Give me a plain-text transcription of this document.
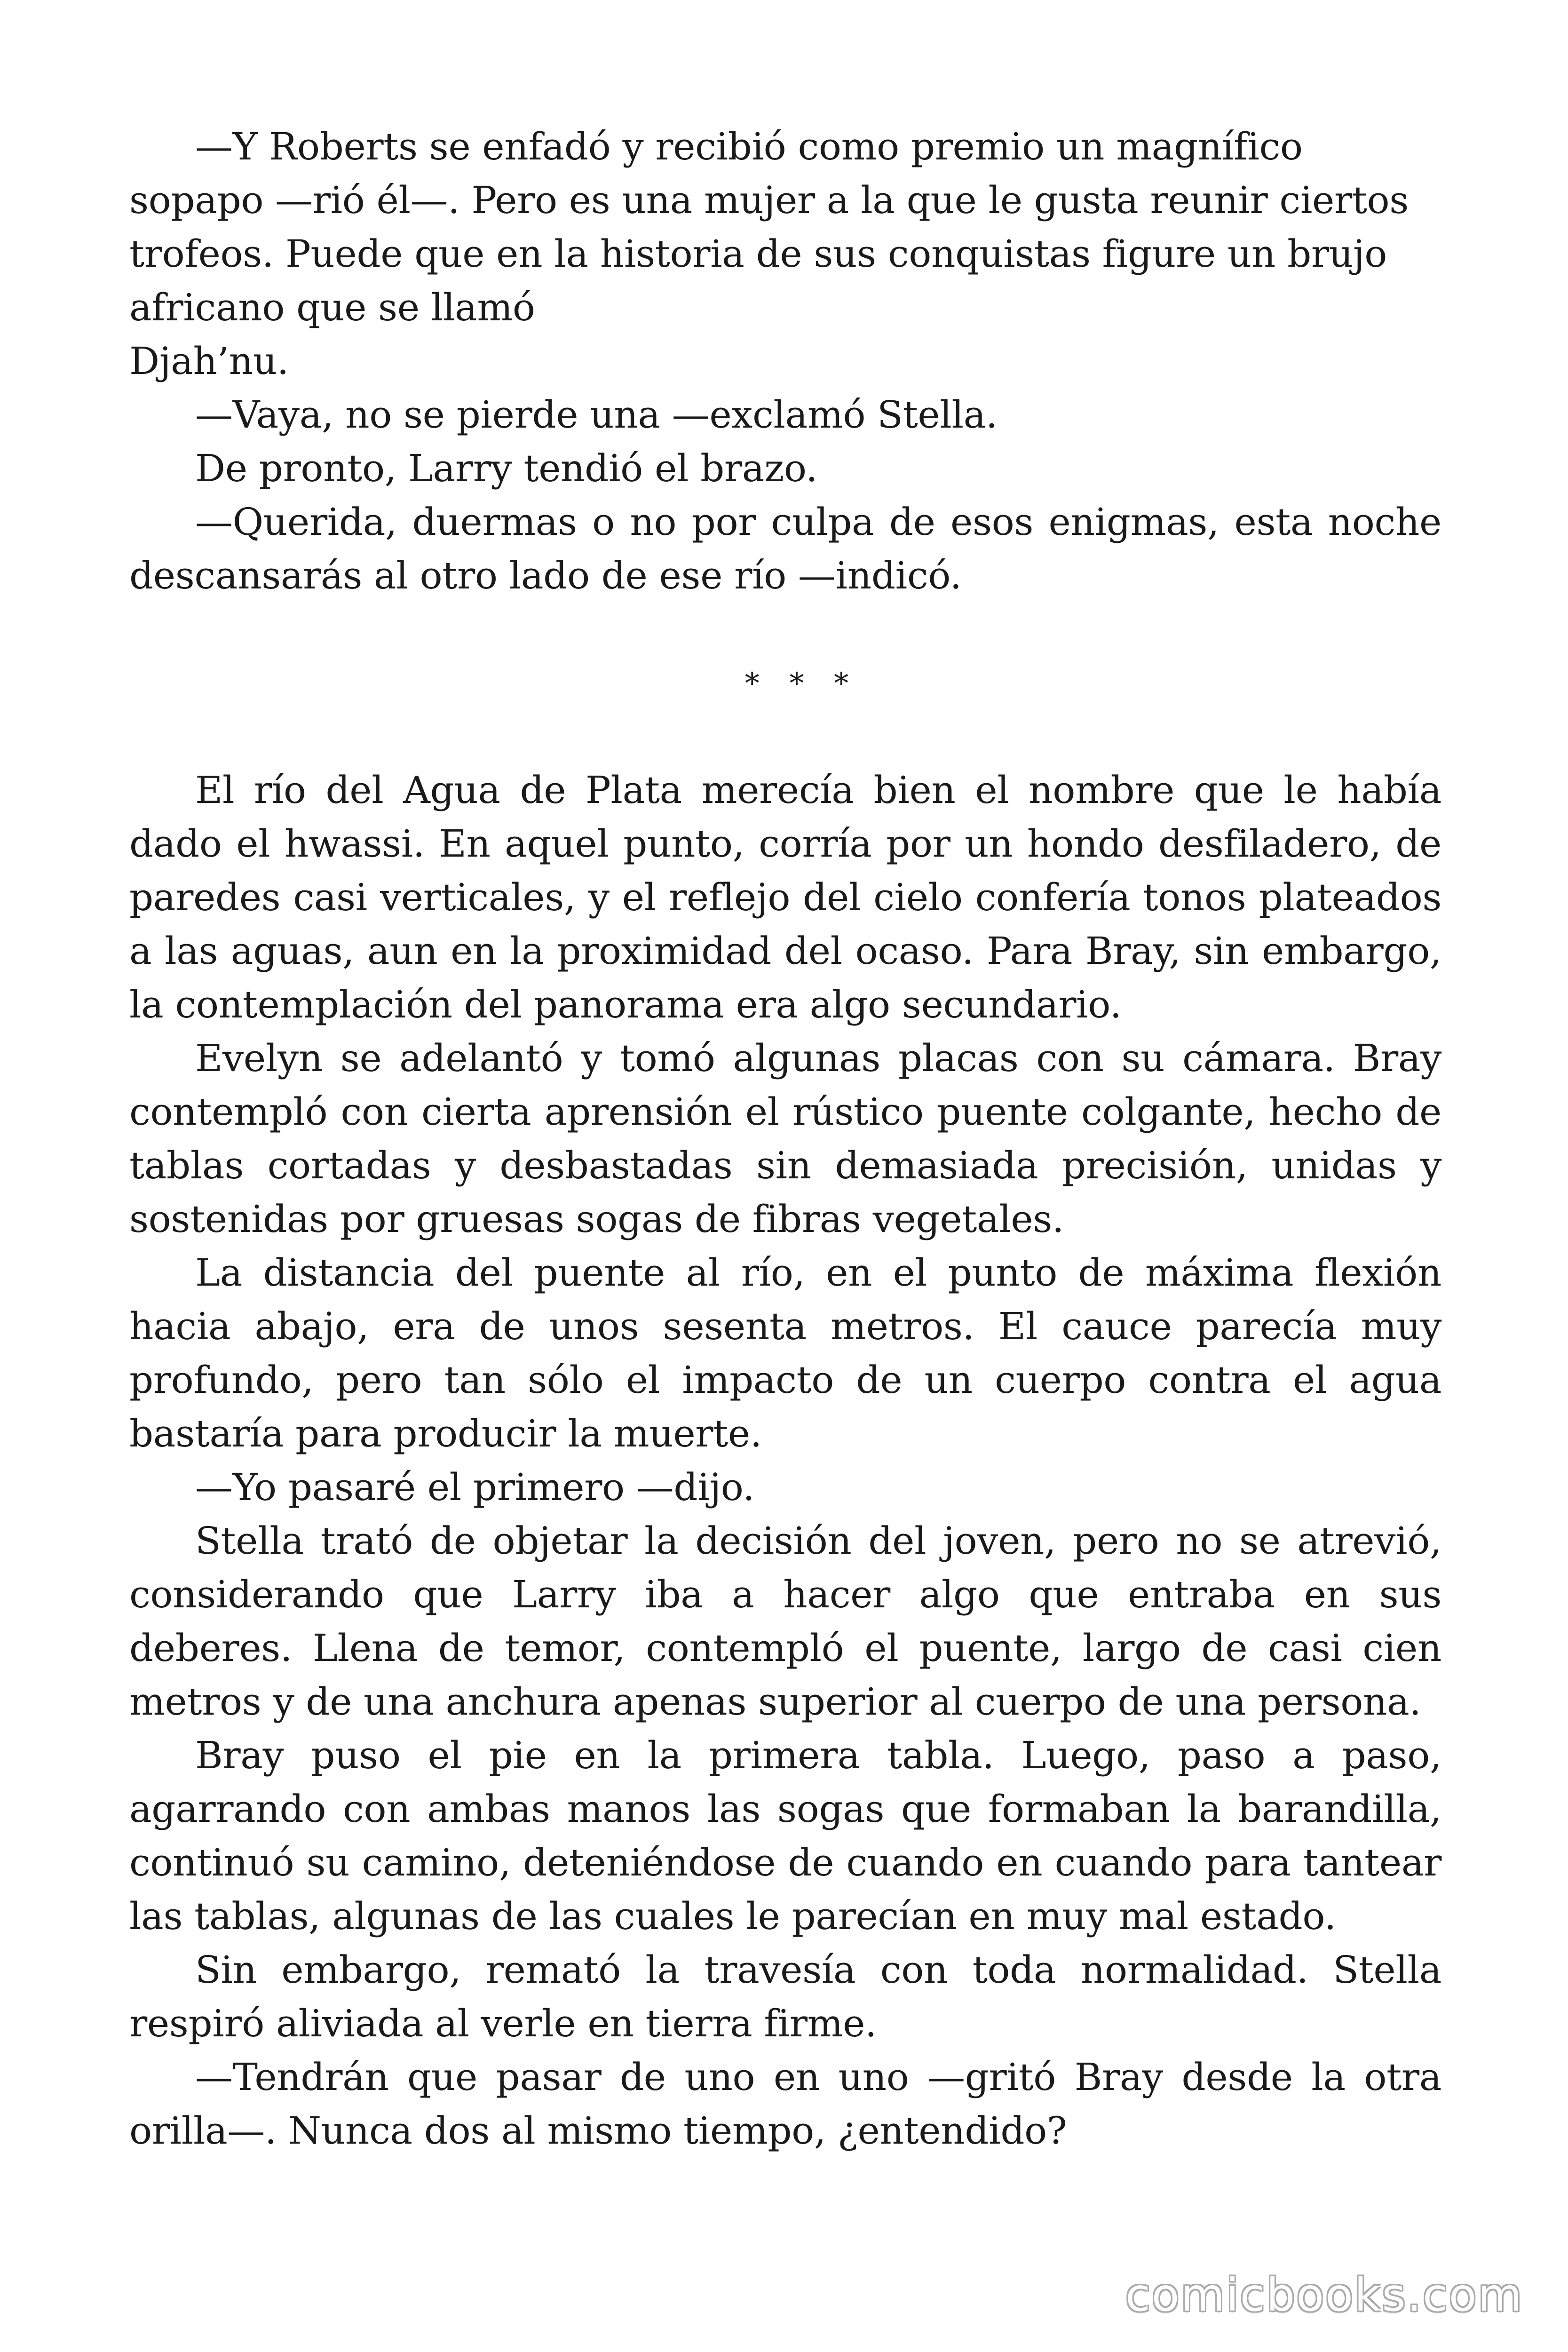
—Y Roberts se enfadó y recibió como premio un magnífico sopapo —rió él—. Pero es una mujer a la que le gusta reunir ciertos trofeos. Puede que en la historia de sus conquistas figure un brujo africano que se llamó

Djah’nu.

—Vaya, no se pierde una —exclamó Stella.

De pronto, Larry tendió el brazo.

—Querida, duermas o no por culpa de esos enigmas, esta noche descansarás al otro lado de ese río —indicó.

* * *

El río del Agua de Plata merecía bien el nombre que le había dado el hwassi. En aquel punto, corría por un hondo desfiladero, de paredes casi verticales, y el reflejo del cielo confería tonos plateados a las aguas, aun en la proximidad del ocaso. Para Bray, sin embargo, la contemplación del panorama era algo secundario.

Evelyn se adelantó y tomó algunas placas con su cámara. Bray contempló con cierta aprensión el rústico puente colgante, hecho de tablas cortadas y desbastadas sin demasiada precisión, unidas y sostenidas por gruesas sogas de fibras vegetales.

La distancia del puente al río, en el punto de máxima flexión hacia abajo, era de unos sesenta metros. El cauce parecía muy profundo, pero tan sólo el impacto de un cuerpo contra el agua bastaría para producir la muerte.

—Yo pasaré el primero —dijo.

Stella trató de objetar la decisión del joven, pero no se atrevió, considerando que Larry iba a hacer algo que entraba en sus deberes. Llena de temor, contempló el puente, largo de casi cien metros y de una anchura apenas superior al cuerpo de una persona.

Bray puso el pie en la primera tabla. Luego, paso a paso, agarrando con ambas manos las sogas que formaban la barandilla, continuó su camino, deteniéndose de cuando en cuando para tantear las tablas, algunas de las cuales le parecían en muy mal estado.

Sin embargo, remató la travesía con toda normalidad. Stella respiró aliviada al verle en tierra firme.

—Tendrán que pasar de uno en uno —gritó Bray desde la otra orilla—. Nunca dos al mismo tiempo, ¿entendido?

comicbooks.com
